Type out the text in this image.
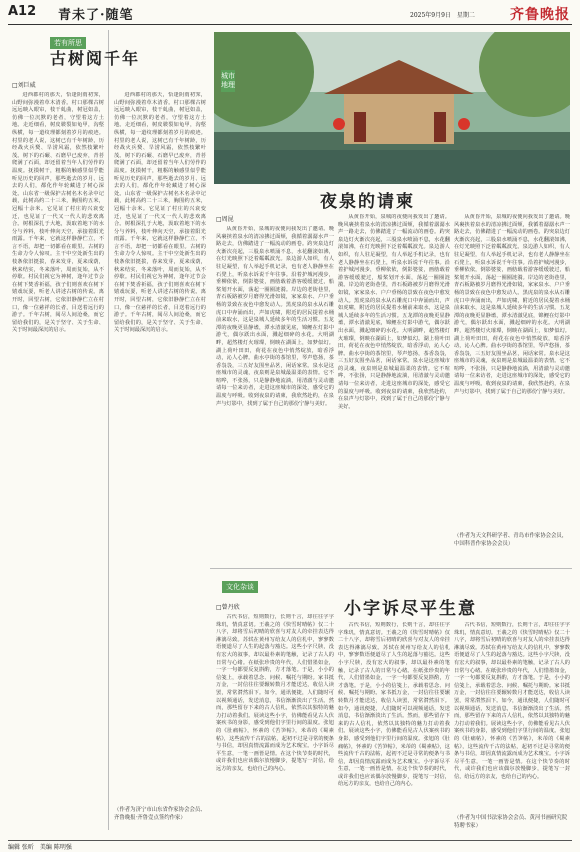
A12 青未了·随笔	2025年9月9日　星期二	齐鲁晚报
若有所思
古树阅千年
□刘巨威

进西郡村的那天，恰逢阴雨初霁，山野间弥漫着草木清香。村口那棵古树远远映入眼帘，枝干虬曲，树冠如盖，仿佛一位沉默的老者，守望着这方土地。走近细看，树皮皲裂如龟甲，沟壑纵横，每一道纹理都刻着岁月的痕迹。村里的老人说，这树已有千年树龄，历经战火兵燹、旱涝风霜，依然枝繁叶茂。树下的石碾、石磨早已废弃，青苔爬满了石面，却还留着当年人们劳作的温度。抚摸树干，粗粝的触感里似乎能听见历史的回声，那些逝去的岁月、远去的人们，都化作年轮藏进了树心深处。山东省一级保护古树名木名录中记载，此树高约二十三米，胸围约五米，冠幅十余米。它见证了村庄的兴衰变迁，也见证了一代又一代人的悲欢离合。树根深扎于大地，汲取着地下的水分与养料，枝叶伸向天空，承接着阳光雨露。千年来，它就这样静静伫立，不言不语，却把一切都看在眼里。古树的生命力令人惊叹。主干中空处新生出的枝条依旧挺拔，春来发芽，夏来成荫，秋来结实，冬来落叶，周而复始，从不停歇。村民们视它为神树，逢年过节会在树下焚香祈福，孩子们则喜欢在树下嬉戏玩耍，听老人讲述古树的传说。离开时，回望古树，它依旧静静伫立在村口，像一位慈祥的长者，目送着远行的游子。千年古树，阅尽人间沧桑，而它留给我们的，是关于坚守、关于生命、关于时间最深沉的启示。

进西郡村的那天，恰逢阴雨初霁，山野间弥漫着草木清香。村口那棵古树远远映入眼帘，枝干虬曲，树冠如盖，仿佛一位沉默的老者，守望着这方土地。走近细看，树皮皲裂如龟甲，沟壑纵横，每一道纹理都刻着岁月的痕迹。村里的老人说，这树已有千年树龄，历经战火兵燹、旱涝风霜，依然枝繁叶茂。树下的石碾、石磨早已废弃，青苔爬满了石面，却还留着当年人们劳作的温度。抚摸树干，粗粝的触感里似乎能听见历史的回声，那些逝去的岁月、远去的人们，都化作年轮藏进了树心深处。山东省一级保护古树名木名录中记载，此树高约二十三米，胸围约五米，冠幅十余米。它见证了村庄的兴衰变迁，也见证了一代又一代人的悲欢离合。树根深扎于大地，汲取着地下的水分与养料，枝叶伸向天空，承接着阳光雨露。千年来，它就这样静静伫立，不言不语，却把一切都看在眼里。古树的生命力令人惊叹。主干中空处新生出的枝条依旧挺拔，春来发芽，夏来成荫，秋来结实，冬来落叶，周而复始，从不停歇。村民们视它为神树，逢年过节会在树下焚香祈福，孩子们则喜欢在树下嬉戏玩耍，听老人讲述古树的传说。离开时，回望古树，它依旧静静伫立在村口，像一位慈祥的长者，目送着远行的游子。千年古树，阅尽人间沧桑，而它留给我们的，是关于坚守、关于生命、关于时间最深沉的启示。

（作者为济宁市山东省作家协会会员、齐鲁晚报·齐鲁壹点签约作家）
城市地理
夜泉的请柬
□周昆

从黄昏开始，泉城的夜便向我发出了邀请。晚风裹挟着泉水的清凉拂过面颊，我循着潺潺水声一路走去，仿佛踏进了一幅流动的画卷。趵突泉边灯火渐次亮起，三股泉水喷涌不息，水花翻滚如沸，在灯光映照下泛着粼粼波光。泉边游人如织，有人驻足凝望，有人举起手机记录，也有老人静静坐在石凳上，听泉水诉说千年往事。沿着护城河漫步，垂柳依依，倒影婆娑，画舫载着游客缓缓驶过，船桨划开水面，荡起一圈圈涟漪。岸边的老街巷里，青石板路被岁月磨得光滑如镜，家家泉水、户户垂杨的景致在夜色中愈发动人。黑虎泉的泉水从石雕虎口中奔涌而出，声如虎啸，附近的居民提着水桶前来取水，这是泉城人延续多年的生活习惯。五龙潭的夜晚更显静谧，潭水清澈见底，锦鲤在灯影中游弋，偶尔跃出水面，溅起细碎的水花。大明湖畔，超然楼灯火璀璨，倒映在湖面上，如梦似幻。湖上荷叶田田，荷花在夜色中悄然绽放，暗香浮动，沁人心脾。曲水亭街的茶馆里，琴声悠扬，茶香袅袅，三五好友围坐品茗，闲话家常。泉水是这座城市的灵魂，夜泉则是泉城最温柔的表情。它不喧哗，不张扬，只是静静地流淌，用清澈与灵动邀请每一位来访者，走进这座城市的深处，感受它的温度与呼吸。收到夜泉的请柬，我欣然赴约，在泉声与灯影中，找到了属于自己的那份宁静与美好。

从黄昏开始，泉城的夜便向我发出了邀请。晚风裹挟着泉水的清凉拂过面颊，我循着潺潺水声一路走去，仿佛踏进了一幅流动的画卷。趵突泉边灯火渐次亮起，三股泉水喷涌不息，水花翻滚如沸，在灯光映照下泛着粼粼波光。泉边游人如织，有人驻足凝望，有人举起手机记录，也有老人静静坐在石凳上，听泉水诉说千年往事。沿着护城河漫步，垂柳依依，倒影婆娑，画舫载着游客缓缓驶过，船桨划开水面，荡起一圈圈涟漪。岸边的老街巷里，青石板路被岁月磨得光滑如镜，家家泉水、户户垂杨的景致在夜色中愈发动人。黑虎泉的泉水从石雕虎口中奔涌而出，声如虎啸，附近的居民提着水桶前来取水，这是泉城人延续多年的生活习惯。五龙潭的夜晚更显静谧，潭水清澈见底，锦鲤在灯影中游弋，偶尔跃出水面，溅起细碎的水花。大明湖畔，超然楼灯火璀璨，倒映在湖面上，如梦似幻。湖上荷叶田田，荷花在夜色中悄然绽放，暗香浮动，沁人心脾。曲水亭街的茶馆里，琴声悠扬，茶香袅袅，三五好友围坐品茗，闲话家常。泉水是这座城市的灵魂，夜泉则是泉城最温柔的表情。它不喧哗，不张扬，只是静静地流淌，用清澈与灵动邀请每一位来访者，走进这座城市的深处，感受它的温度与呼吸。收到夜泉的请柬，我欣然赴约，在泉声与灯影中，找到了属于自己的那份宁静与美好。

从黄昏开始，泉城的夜便向我发出了邀请。晚风裹挟着泉水的清凉拂过面颊，我循着潺潺水声一路走去，仿佛踏进了一幅流动的画卷。趵突泉边灯火渐次亮起，三股泉水喷涌不息，水花翻滚如沸，在灯光映照下泛着粼粼波光。泉边游人如织，有人驻足凝望，有人举起手机记录，也有老人静静坐在石凳上，听泉水诉说千年往事。沿着护城河漫步，垂柳依依，倒影婆娑，画舫载着游客缓缓驶过，船桨划开水面，荡起一圈圈涟漪。岸边的老街巷里，青石板路被岁月磨得光滑如镜，家家泉水、户户垂杨的景致在夜色中愈发动人。黑虎泉的泉水从石雕虎口中奔涌而出，声如虎啸，附近的居民提着水桶前来取水，这是泉城人延续多年的生活习惯。五龙潭的夜晚更显静谧，潭水清澈见底，锦鲤在灯影中游弋，偶尔跃出水面，溅起细碎的水花。大明湖畔，超然楼灯火璀璨，倒映在湖面上，如梦似幻。湖上荷叶田田，荷花在夜色中悄然绽放，暗香浮动，沁人心脾。曲水亭街的茶馆里，琴声悠扬，茶香袅袅，三五好友围坐品茗，闲话家常。泉水是这座城市的灵魂，夜泉则是泉城最温柔的表情。它不喧哗，不张扬，只是静静地流淌，用清澈与灵动邀请每一位来访者，走进这座城市的深处，感受它的温度与呼吸。收到夜泉的请柬，我欣然赴约，在泉声与灯影中，找到了属于自己的那份宁静与美好。

（作者为天文科研学者、青岛市作家协会会员，中国科普作家协会会员）
文化杂谈
小字诉尽平生意
□曾丹欣

古代书信，短则数行，长则千言，却往往字字珠玑，情真意切。王羲之的《快雪时晴帖》仅二十八字，却将雪后初晴的欣喜与对友人的牵挂表达得淋漓尽致。苏轼在黄州写给友人的信札中，寥寥数语便道尽了人生的起落与豁达。这些小字尺牍，没有宏大的叙事，却以最朴素的笔触，记录了古人的日常与心绪。在纸张珍贵的年代，人们惜墨如金，一字一句都要反复斟酌，方才落笔。于是，小小的信笺上，承载着思念、问候、嘱托与期盼。家书抵万金，一封信往往要辗转数月才能送达，收信人读罢，常常潸然泪下。如今，通讯便捷，人们随时可以视频通话，发送消息，书信渐渐淡出了生活。然而，那些留存下来的古人信札，依然以其独特的魅力打动着我们。展读这些小字，仿佛能看见古人伏案疾书的身影，感受到他们字里行间的温度。张旭的《肚痛帖》，怀素的《苦笋帖》，米芾的《蜀素帖》，这些流传千古的法帖，起初不过是寻常的便条与书信，却因真情流露而成为艺术瑰宝。小字诉尽平生意，一笔一画皆是情。在这个快节奏的时代，或许我们也应该偶尔放慢脚步，提笔写一封信，给远方的亲友，也给自己的内心。

古代书信，短则数行，长则千言，却往往字字珠玑，情真意切。王羲之的《快雪时晴帖》仅二十八字，却将雪后初晴的欣喜与对友人的牵挂表达得淋漓尽致。苏轼在黄州写给友人的信札中，寥寥数语便道尽了人生的起落与豁达。这些小字尺牍，没有宏大的叙事，却以最朴素的笔触，记录了古人的日常与心绪。在纸张珍贵的年代，人们惜墨如金，一字一句都要反复斟酌，方才落笔。于是，小小的信笺上，承载着思念、问候、嘱托与期盼。家书抵万金，一封信往往要辗转数月才能送达，收信人读罢，常常潸然泪下。如今，通讯便捷，人们随时可以视频通话，发送消息，书信渐渐淡出了生活。然而，那些留存下来的古人信札，依然以其独特的魅力打动着我们。展读这些小字，仿佛能看见古人伏案疾书的身影，感受到他们字里行间的温度。张旭的《肚痛帖》，怀素的《苦笋帖》，米芾的《蜀素帖》，这些流传千古的法帖，起初不过是寻常的便条与书信，却因真情流露而成为艺术瑰宝。小字诉尽平生意，一笔一画皆是情。在这个快节奏的时代，或许我们也应该偶尔放慢脚步，提笔写一封信，给远方的亲友，也给自己的内心。

古代书信，短则数行，长则千言，却往往字字珠玑，情真意切。王羲之的《快雪时晴帖》仅二十八字，却将雪后初晴的欣喜与对友人的牵挂表达得淋漓尽致。苏轼在黄州写给友人的信札中，寥寥数语便道尽了人生的起落与豁达。这些小字尺牍，没有宏大的叙事，却以最朴素的笔触，记录了古人的日常与心绪。在纸张珍贵的年代，人们惜墨如金，一字一句都要反复斟酌，方才落笔。于是，小小的信笺上，承载着思念、问候、嘱托与期盼。家书抵万金，一封信往往要辗转数月才能送达，收信人读罢，常常潸然泪下。如今，通讯便捷，人们随时可以视频通话，发送消息，书信渐渐淡出了生活。然而，那些留存下来的古人信札，依然以其独特的魅力打动着我们。展读这些小字，仿佛能看见古人伏案疾书的身影，感受到他们字里行间的温度。张旭的《肚痛帖》，怀素的《苦笋帖》，米芾的《蜀素帖》，这些流传千古的法帖，起初不过是寻常的便条与书信，却因真情流露而成为艺术瑰宝。小字诉尽平生意，一笔一画皆是情。在这个快节奏的时代，或许我们也应该偶尔放慢脚步，提笔写一封信，给远方的亲友，也给自己的内心。

（作者为中国书法家协会会员、黄河书画研究院特聘书家）
编辑 张昕　美编 陈明强
